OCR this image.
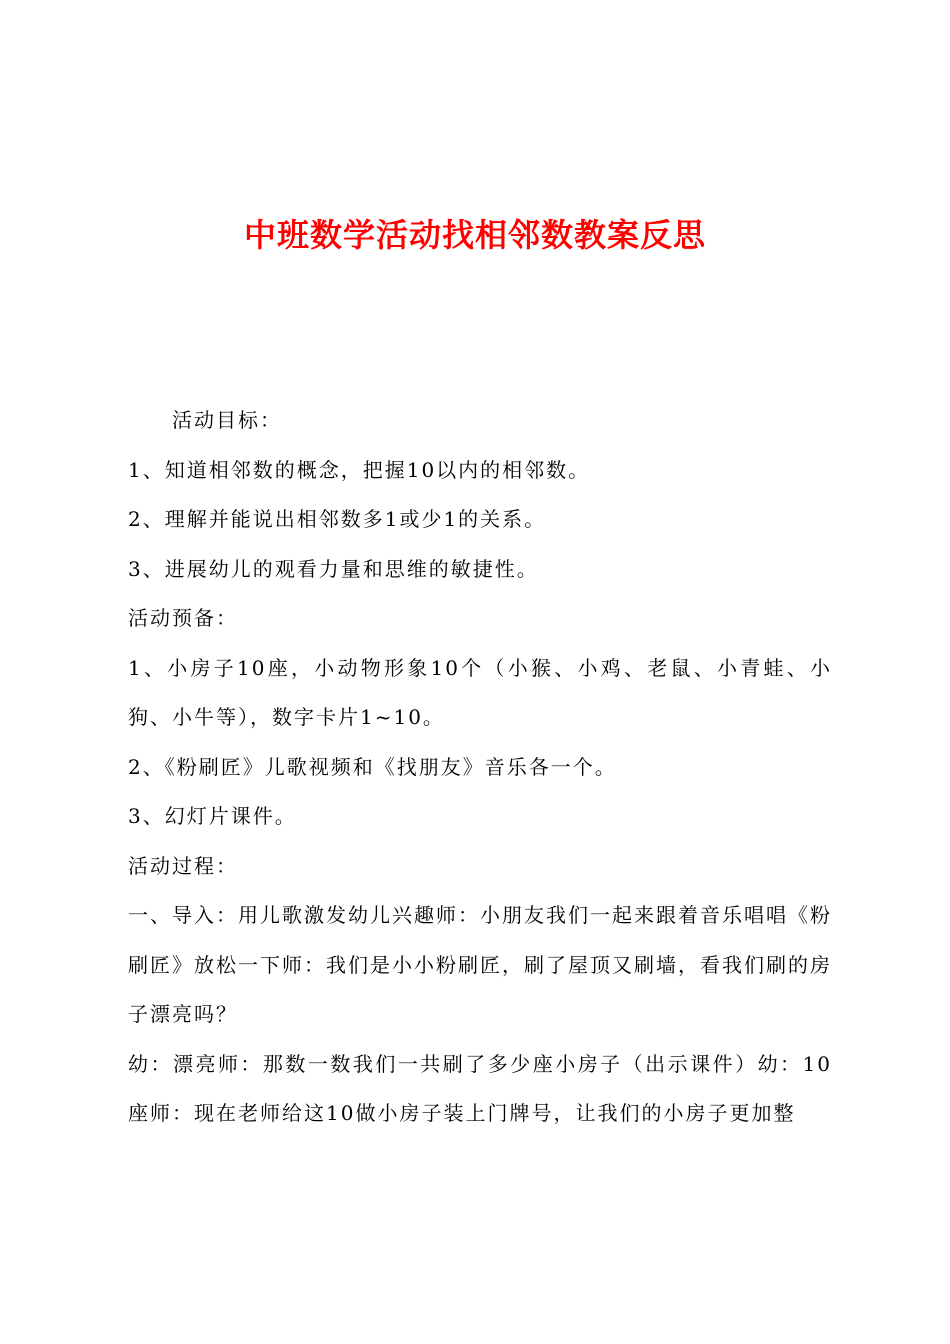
中班数学活动找相邻数教案反思

活动目标：

1、知道相邻数的概念，把握10以内的相邻数。

2、理解并能说出相邻数多1或少1的关系。

3、进展幼儿的观看力量和思维的敏捷性。

活动预备：

1、小房子10座，小动物形象10个（小猴、小鸡、老鼠、小青蛙、小狗、小牛等），数字卡片1~10。

2、《粉刷匠》儿歌视频和《找朋友》音乐各一个。

3、幻灯片课件。

活动过程：

一、导入：用儿歌激发幼儿兴趣师：小朋友我们一起来跟着音乐唱唱《粉刷匠》放松一下师：我们是小小粉刷匠，刷了屋顶又刷墙，看我们刷的房子漂亮吗？

幼：漂亮师：那数一数我们一共刷了多少座小房子（出示课件）幼：10座师：现在老师给这10做小房子装上门牌号，让我们的小房子更加整
